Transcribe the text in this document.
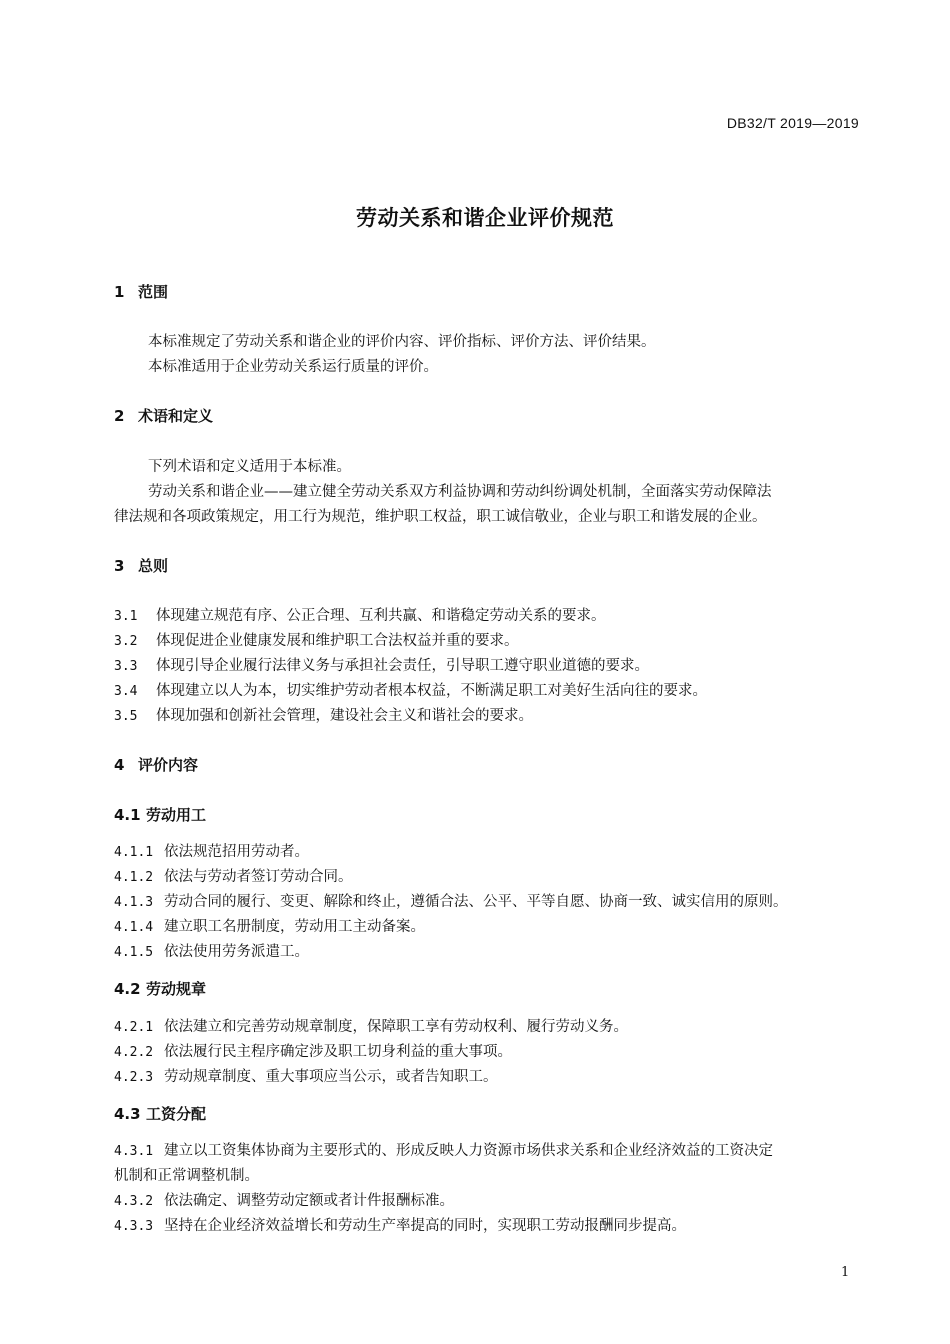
DB32/T 2019—2019
劳动关系和谐企业评价规范
1 范围
本标准规定了劳动关系和谐企业的评价内容、评价指标、评价方法、评价结果。
本标准适用于企业劳动关系运行质量的评价。
2 术语和定义
下列术语和定义适用于本标准。
劳动关系和谐企业——建立健全劳动关系双方利益协调和劳动纠纷调处机制，全面落实劳动保障法
律法规和各项政策规定，用工行为规范，维护职工权益，职工诚信敬业，企业与职工和谐发展的企业。
3 总则
3.1 体现建立规范有序、公正合理、互利共赢、和谐稳定劳动关系的要求。
3.2 体现促进企业健康发展和维护职工合法权益并重的要求。
3.3 体现引导企业履行法律义务与承担社会责任，引导职工遵守职业道德的要求。
3.4 体现建立以人为本，切实维护劳动者根本权益，不断满足职工对美好生活向往的要求。
3.5 体现加强和创新社会管理，建设社会主义和谐社会的要求。
4 评价内容
4.1 劳动用工
4.1.1 依法规范招用劳动者。
4.1.2 依法与劳动者签订劳动合同。
4.1.3 劳动合同的履行、变更、解除和终止，遵循合法、公平、平等自愿、协商一致、诚实信用的原则。
4.1.4 建立职工名册制度，劳动用工主动备案。
4.1.5 依法使用劳务派遣工。
4.2 劳动规章
4.2.1 依法建立和完善劳动规章制度，保障职工享有劳动权利、履行劳动义务。
4.2.2 依法履行民主程序确定涉及职工切身利益的重大事项。
4.2.3 劳动规章制度、重大事项应当公示，或者告知职工。
4.3 工资分配
4.3.1 建立以工资集体协商为主要形式的、形成反映人力资源市场供求关系和企业经济效益的工资决定
机制和正常调整机制。
4.3.2 依法确定、调整劳动定额或者计件报酬标准。
4.3.3 坚持在企业经济效益增长和劳动生产率提高的同时，实现职工劳动报酬同步提高。
1
